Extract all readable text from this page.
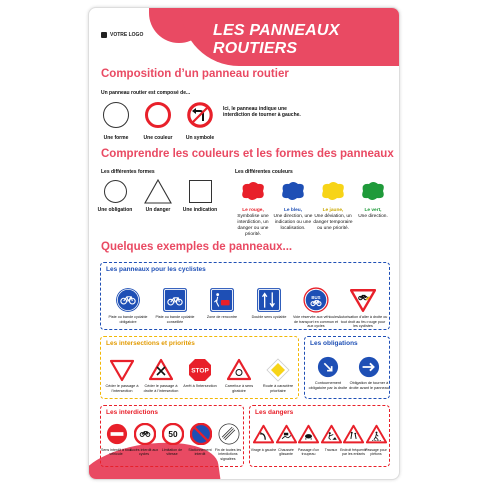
VOTRE LOGO	LES PANNEAUX ROUTIERS
Composition d’un panneau routier
Un panneau routier est composé de...
Une forme	Une couleur	Un symbole
Ici, le panneau indique une interdiction de tourner à gauche.
Comprendre les couleurs et les formes des panneaux
Les différentes formes
Une obligation	Un danger	Une indication
Les différentes couleurs
Le rouge,
Symbolise une interdiction, un danger ou une priorité.
Le bleu,
Une direction, une indication ou une localisation.
Le jaune,
Une déviation, un danger temporaire ou une priorité.
Le vert,
Une direction.
Quelques exemples de panneaux...
Les panneaux pour les cyclistes
Piste ou bande cyclable obligatoire
Piste ou bande cyclable conseillée
Zone de rencontre	Double sens cyclable
BUS
Voie réservée aux véhicules de transport en commun et aux cycles
Autorisation d'aller à droite ou tout droit au feu rouge pour les cyclistes
Les intersections et priorités
Céder le passage à l'intersection
Céder le passage à droite à l'intersection
STOP
Arrêt à l'intersection	Carrefour à sens giratoire
Route à caractère prioritaire
Les obligations
Contournement obligatoire par la droite
Obligation de tourner à droite avant le panneau
Les interdictions
Sens interdit à tout véhicule
Accès interdit aux cycles
50
Limitation de vitesse
Stationnement interdit
Fin de toutes les interdictions signalées
Les dangers
Virage à gauche Chaussée glissante
Passage d'un troupeau
Travaux Endroit fréquenté par les enfants
Passage pour piétons
